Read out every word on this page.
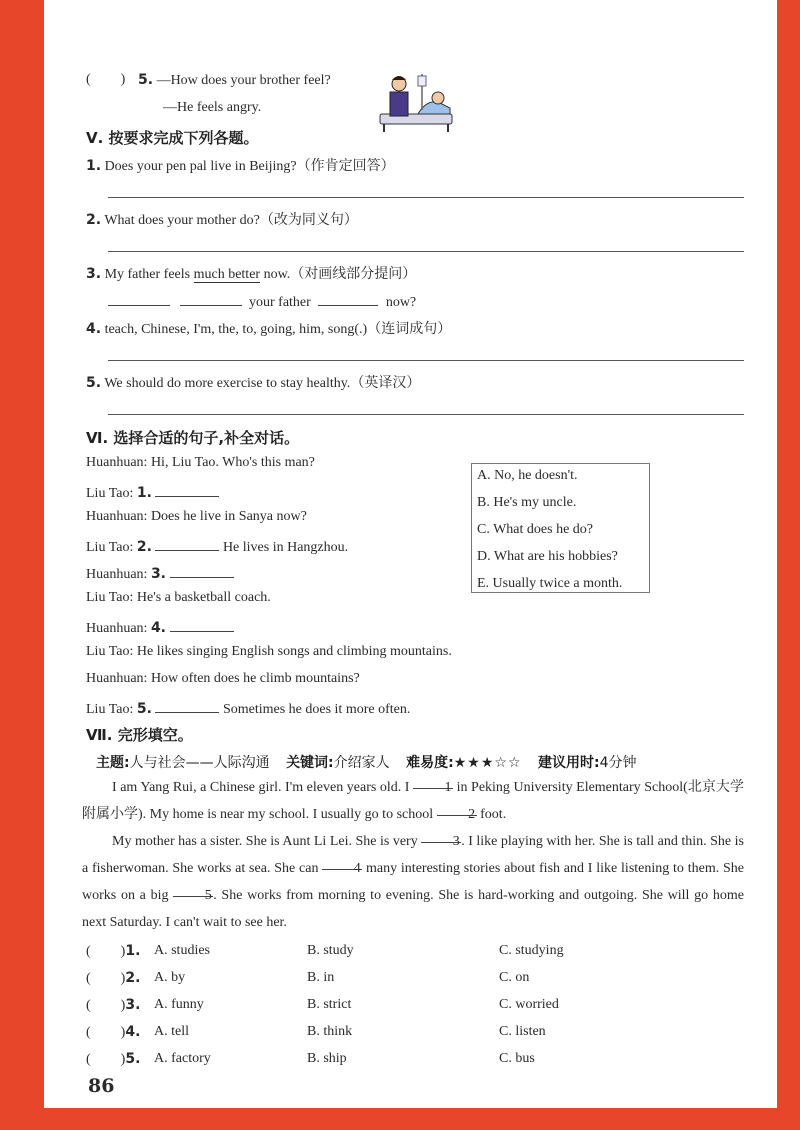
( ) 5. —How does your brother feel?
—He feels angry.
Ⅴ. 按要求完成下列各题。
1. Does your pen pal live in Beijing?（作肯定回答）
2. What does your mother do?（改为同义句）
3. My father feels much better now.（对画线部分提问）
your father	now?
4. teach, Chinese, I'm, the, to, going, him, song(.)（连词成句）
5. We should do more exercise to stay healthy.（英译汉）
Ⅵ. 选择合适的句子,补全对话。
Huanhuan: Hi, Liu Tao. Who's this man?
Liu Tao: 1.
Huanhuan: Does he live in Sanya now?
Liu Tao: 2.	He lives in Hangzhou.
Huanhuan: 3.
Liu Tao: He's a basketball coach.
Huanhuan: 4.
Liu Tao: He likes singing English songs and climbing mountains.
Huanhuan: How often does he climb mountains?
Liu Tao: 5.	Sometimes he does it more often.
A. No, he doesn't.
B. He's my uncle.
C. What does he do?
D. What are his hobbies?
E. Usually twice a month.
Ⅶ. 完形填空。
主题:人与社会——人际沟通 关键词:介绍家人 难易度:★★★☆☆ 建议用时:4分钟
I am Yang Rui, a Chinese girl. I'm eleven years old. I 1 in Peking University Elementary School(北京大学附属小学). My home is near my school. I usually go to school 2 foot.
My mother has a sister. She is Aunt Li Lei. She is very 3 . I like playing with her. She is tall and thin. She is a fisherwoman. She works at sea. She can 4 many interesting stories about fish and I like listening to them. She works on a big 5 . She works from morning to evening. She is hard-working and outgoing. She will go home next Saturday. I can't wait to see her.
( )1. A. studies	B. study	C. studying
( )2. A. by	B. in	C. on
( )3. A. funny	B. strict	C. worried
( )4. A. tell	B. think	C. listen
( )5. A. factory	B. ship	C. bus
86
